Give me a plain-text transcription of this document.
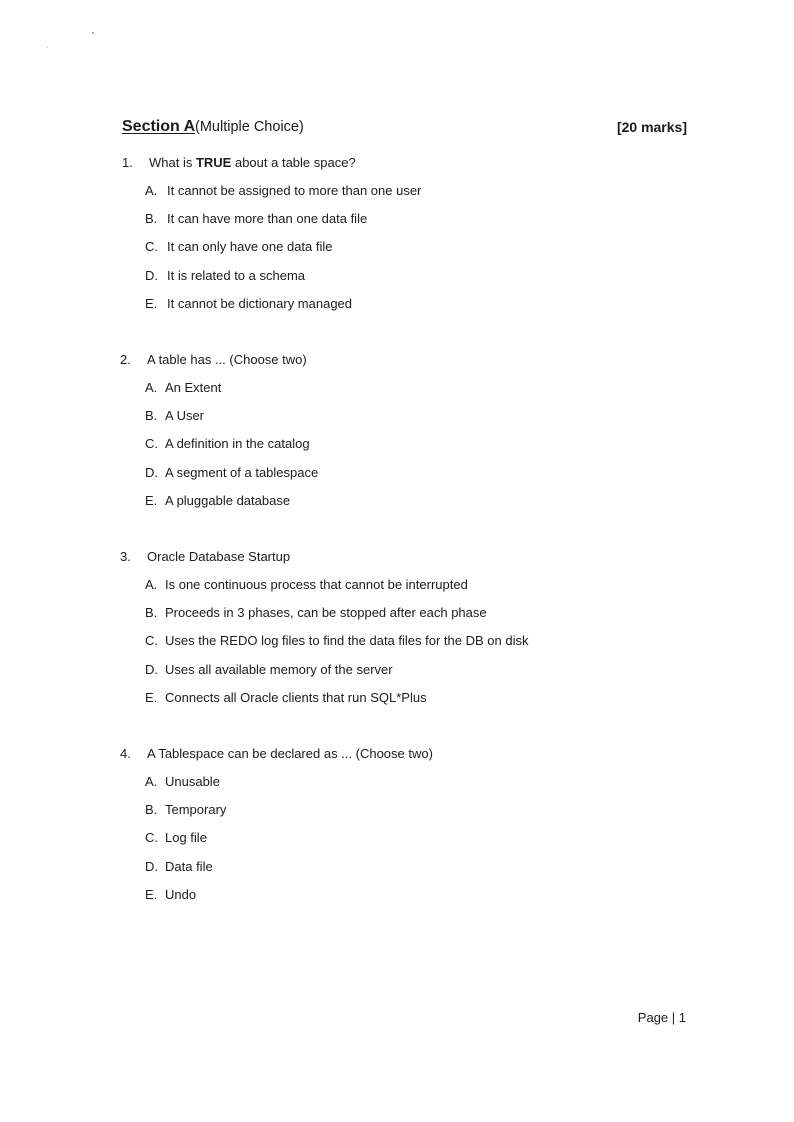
Section A (Multiple Choice)	[20 marks]
1. What is TRUE about a table space?
A. It cannot be assigned to more than one user
B. It can have more than one data file
C. It can only have one data file
D. It is related to a schema
E. It cannot be dictionary managed
2. A table has ... (Choose two)
A. An Extent
B. A User
C. A definition in the catalog
D. A segment of a tablespace
E. A pluggable database
3. Oracle Database Startup
A. Is one continuous process that cannot be interrupted
B. Proceeds in 3 phases, can be stopped after each phase
C. Uses the REDO log files to find the data files for the DB on disk
D. Uses all available memory of the server
E. Connects all Oracle clients that run SQL*Plus
4. A Tablespace can be declared as ... (Choose two)
A. Unusable
B. Temporary
C. Log file
D. Data file
E. Undo
Page | 1
